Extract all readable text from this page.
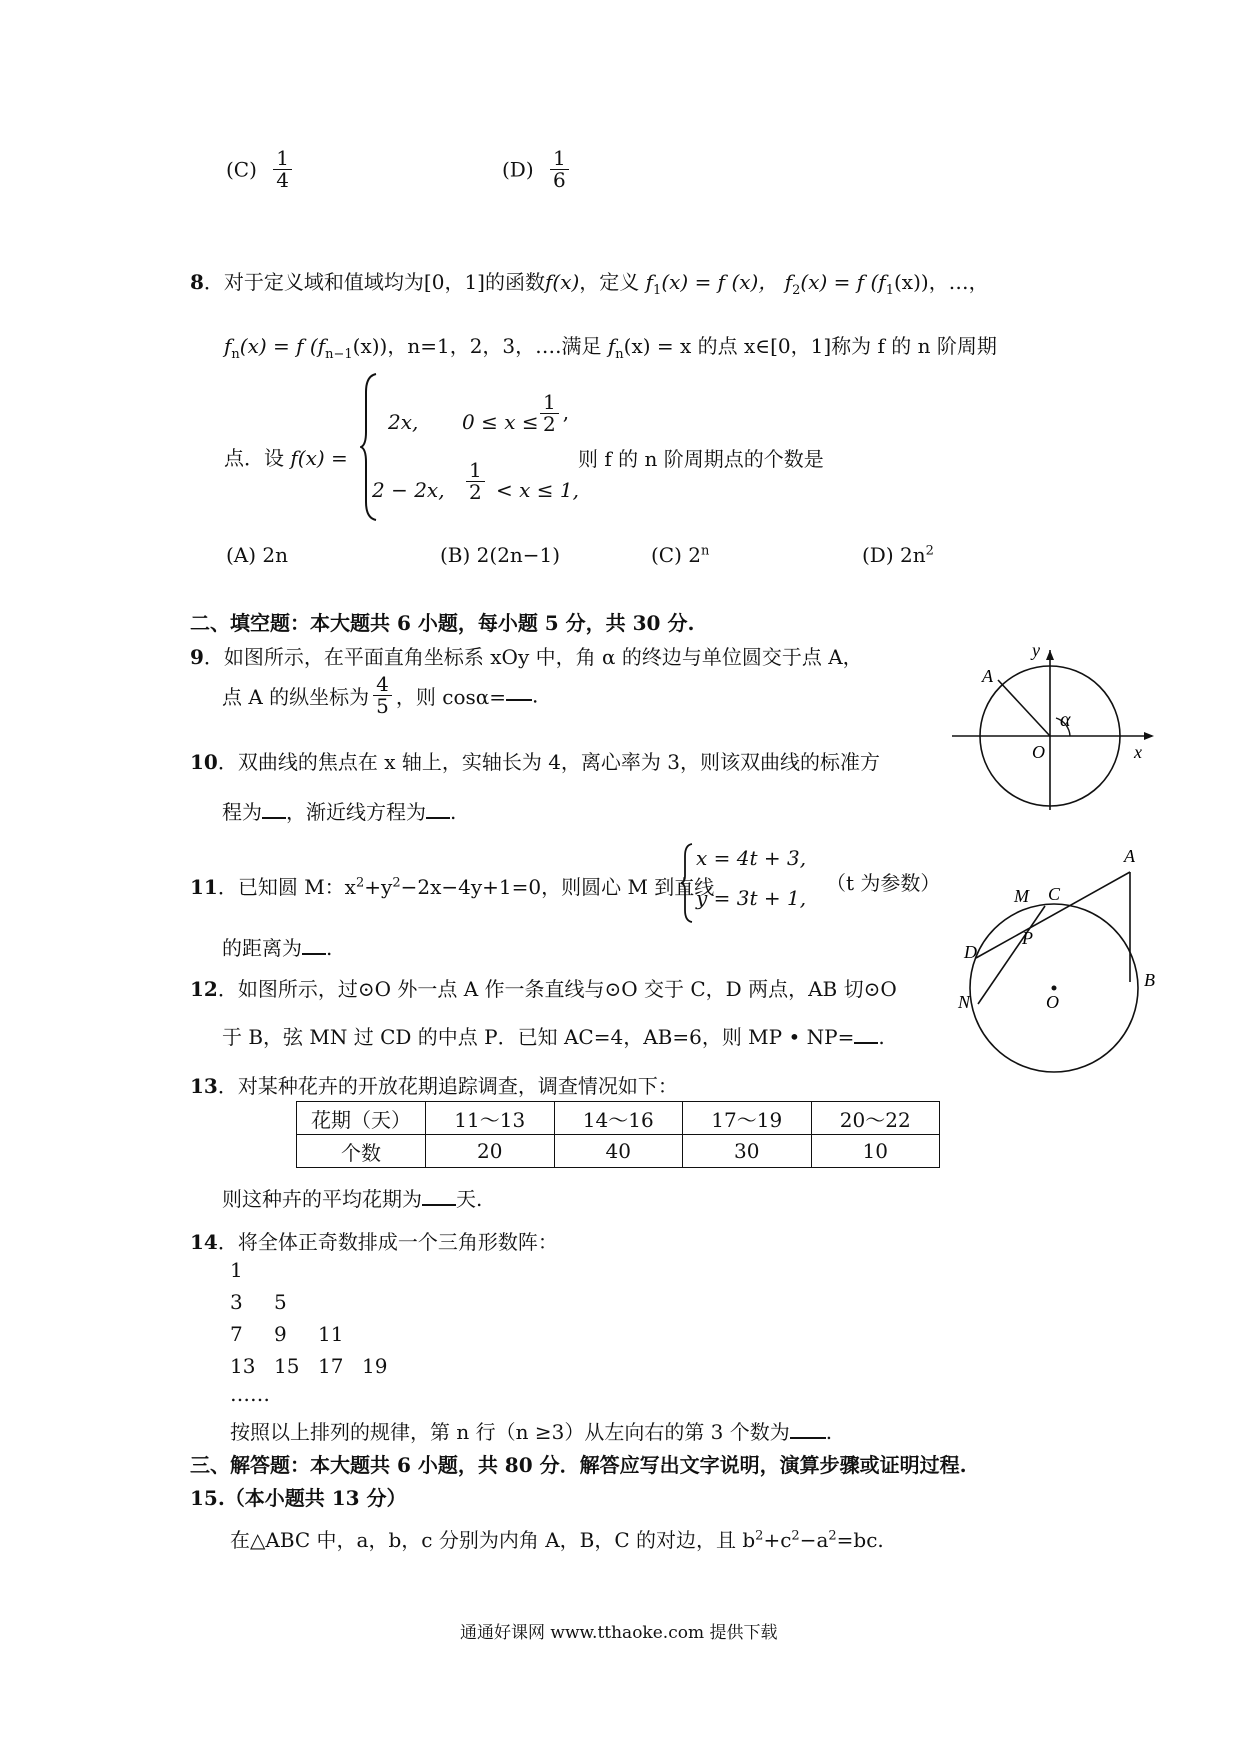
$(C) \frac{1}{4}$	$(D) \frac{1}{6}$
8．对于定义域和值域均为[0，1]的函数f(x)，定义 $f_1(x) = f$ (x)， $f_2(x) = f$ $(f_1(x))$，…，
$f_n(x) = f$ $(f_{n-1}(x))$，n=1，2，3，….满足 $f_n(x) = x$ 的点 x∈[0，1]称为 f 的 n 阶周期
点．设 f(x) =
2x, $0 \le x \le \frac{1}{2}$ ,
2 − 2x, $\frac{1}{2} < x \le 1$,
则 f 的 n 阶周期点的个数是
(A) 2n	(B) 2(2n−1)	(C) 2$^n$	(D) $2n^2$
二、填空题：本大题共 6 小题，每小题 5 分，共 30 分.
9．如图所示，在平面直角坐标系 xOy 中，角 α 的终边与单位圆交于点 A，
点 A 的纵坐标为 $\frac{4}{5}$ ，则 cosα= .
y
x
O
A
α
10．双曲线的焦点在 x 轴上，实轴长为 4，离心率为 3，则该双曲线的标准方
程为 ，渐近线方程为 .
11．已知圆 M：$x^2+y^2-2x-4y+1=0$，则圆心 M 到直线
x = 4t + 3,
y = 3t + 1,
（t 为参数）
的距离为 .
A
M C
D
P
N	O
B
12．如图所示，过⊙O 外一点 A 作一条直线与⊙O 交于 C，D 两点，AB 切⊙O
于 B，弦 MN 过 CD 的中点 P．已知 AC=4，AB=6，则 MP • NP= .
13．对某种花卉的开放花期追踪调查，调查情况如下：
花期（天）	11～13	14～16	17～19	20～22
个数	20	40	30	10
则这种卉的平均花期为 天.
14．将全体正奇数排成一个三角形数阵：
1
3 5
7 9 11
13 15 17 19
……
按照以上排列的规律，第 n 行（n ≥3）从左向右的第 3 个数为 .
三、解答题：本大题共 6 小题，共 80 分．解答应写出文字说明，演算步骤或证明过程.
15.（本小题共 13 分）
在△ABC 中，a，b，c 分别为内角 A，B，C 的对边，且 $b^2+c^2-a^2=bc$.
通通好课网 www.tthaoke.com 提供下载
